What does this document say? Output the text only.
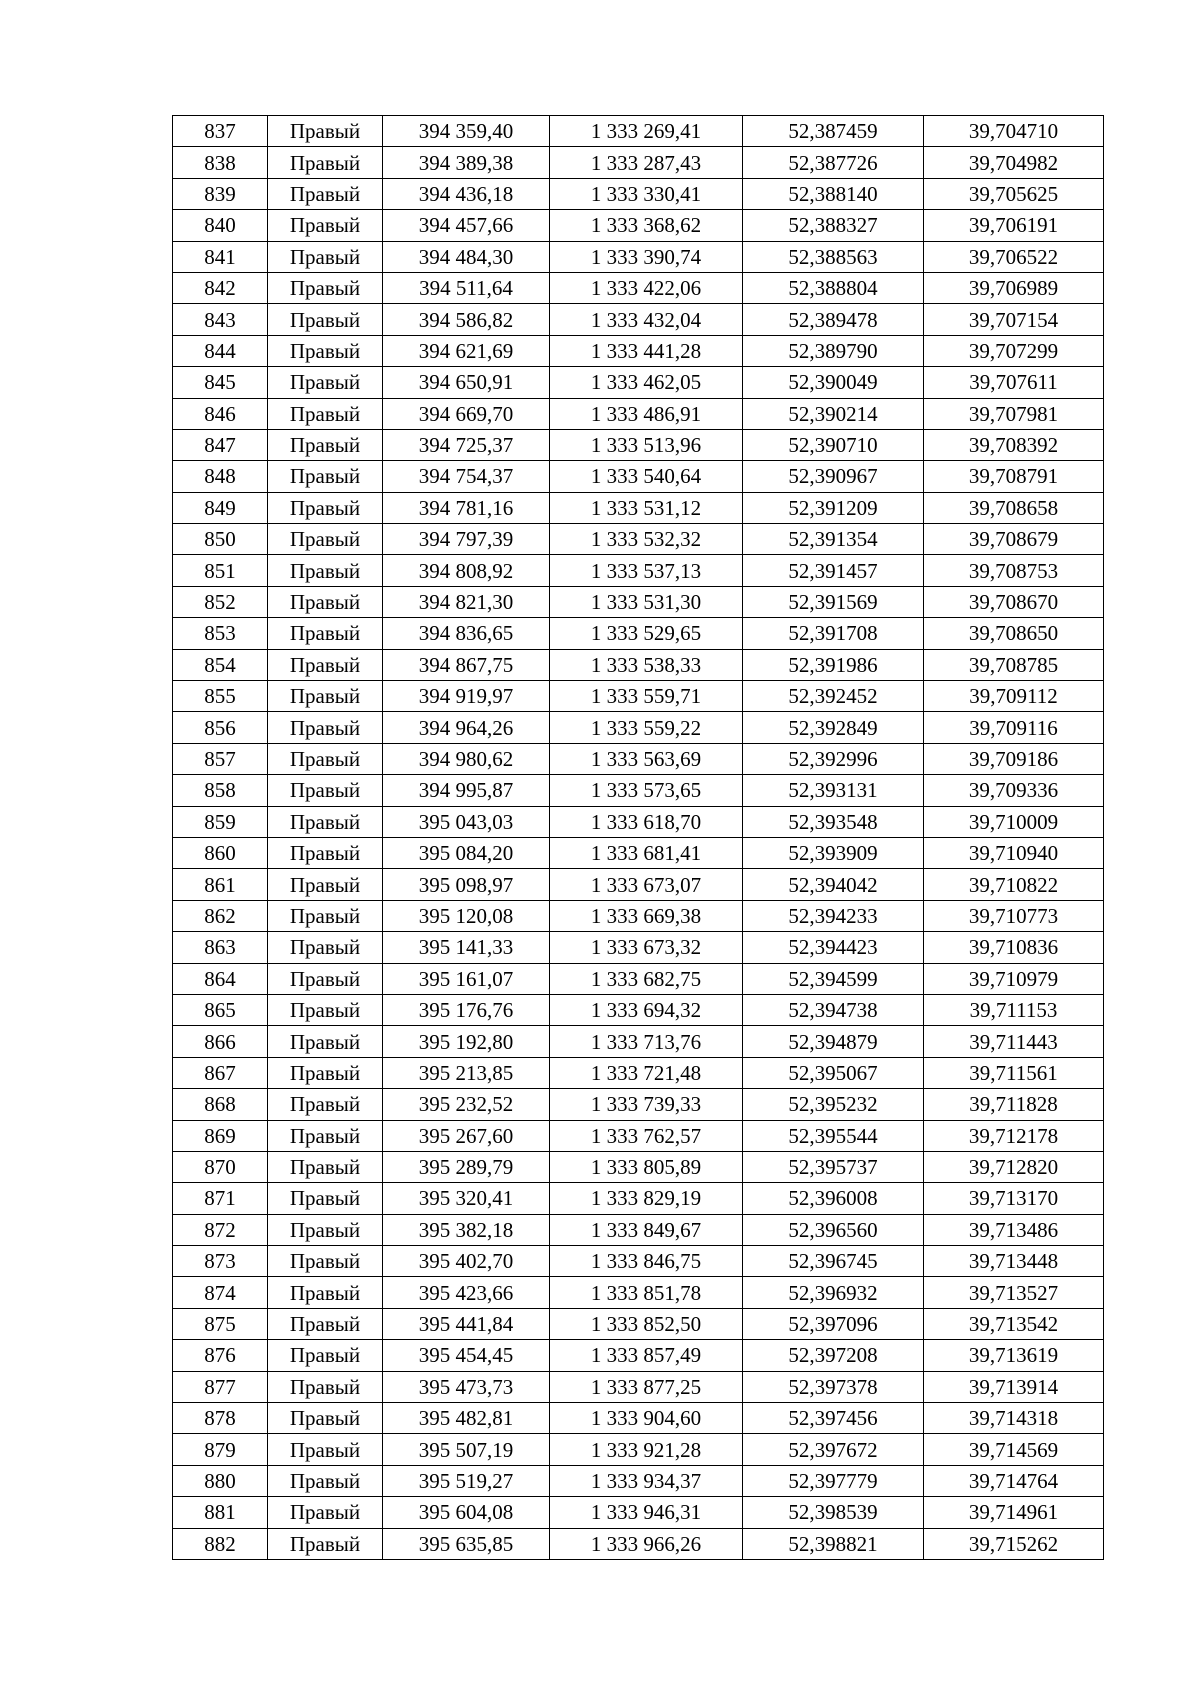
837	Правый	394 359,40	1 333 269,41	52,387459	39,704710
838	Правый	394 389,38	1 333 287,43	52,387726	39,704982
839	Правый	394 436,18	1 333 330,41	52,388140	39,705625
840	Правый	394 457,66	1 333 368,62	52,388327	39,706191
841	Правый	394 484,30	1 333 390,74	52,388563	39,706522
842	Правый	394 511,64	1 333 422,06	52,388804	39,706989
843	Правый	394 586,82	1 333 432,04	52,389478	39,707154
844	Правый	394 621,69	1 333 441,28	52,389790	39,707299
845	Правый	394 650,91	1 333 462,05	52,390049	39,707611
846	Правый	394 669,70	1 333 486,91	52,390214	39,707981
847	Правый	394 725,37	1 333 513,96	52,390710	39,708392
848	Правый	394 754,37	1 333 540,64	52,390967	39,708791
849	Правый	394 781,16	1 333 531,12	52,391209	39,708658
850	Правый	394 797,39	1 333 532,32	52,391354	39,708679
851	Правый	394 808,92	1 333 537,13	52,391457	39,708753
852	Правый	394 821,30	1 333 531,30	52,391569	39,708670
853	Правый	394 836,65	1 333 529,65	52,391708	39,708650
854	Правый	394 867,75	1 333 538,33	52,391986	39,708785
855	Правый	394 919,97	1 333 559,71	52,392452	39,709112
856	Правый	394 964,26	1 333 559,22	52,392849	39,709116
857	Правый	394 980,62	1 333 563,69	52,392996	39,709186
858	Правый	394 995,87	1 333 573,65	52,393131	39,709336
859	Правый	395 043,03	1 333 618,70	52,393548	39,710009
860	Правый	395 084,20	1 333 681,41	52,393909	39,710940
861	Правый	395 098,97	1 333 673,07	52,394042	39,710822
862	Правый	395 120,08	1 333 669,38	52,394233	39,710773
863	Правый	395 141,33	1 333 673,32	52,394423	39,710836
864	Правый	395 161,07	1 333 682,75	52,394599	39,710979
865	Правый	395 176,76	1 333 694,32	52,394738	39,711153
866	Правый	395 192,80	1 333 713,76	52,394879	39,711443
867	Правый	395 213,85	1 333 721,48	52,395067	39,711561
868	Правый	395 232,52	1 333 739,33	52,395232	39,711828
869	Правый	395 267,60	1 333 762,57	52,395544	39,712178
870	Правый	395 289,79	1 333 805,89	52,395737	39,712820
871	Правый	395 320,41	1 333 829,19	52,396008	39,713170
872	Правый	395 382,18	1 333 849,67	52,396560	39,713486
873	Правый	395 402,70	1 333 846,75	52,396745	39,713448
874	Правый	395 423,66	1 333 851,78	52,396932	39,713527
875	Правый	395 441,84	1 333 852,50	52,397096	39,713542
876	Правый	395 454,45	1 333 857,49	52,397208	39,713619
877	Правый	395 473,73	1 333 877,25	52,397378	39,713914
878	Правый	395 482,81	1 333 904,60	52,397456	39,714318
879	Правый	395 507,19	1 333 921,28	52,397672	39,714569
880	Правый	395 519,27	1 333 934,37	52,397779	39,714764
881	Правый	395 604,08	1 333 946,31	52,398539	39,714961
882	Правый	395 635,85	1 333 966,26	52,398821	39,715262
